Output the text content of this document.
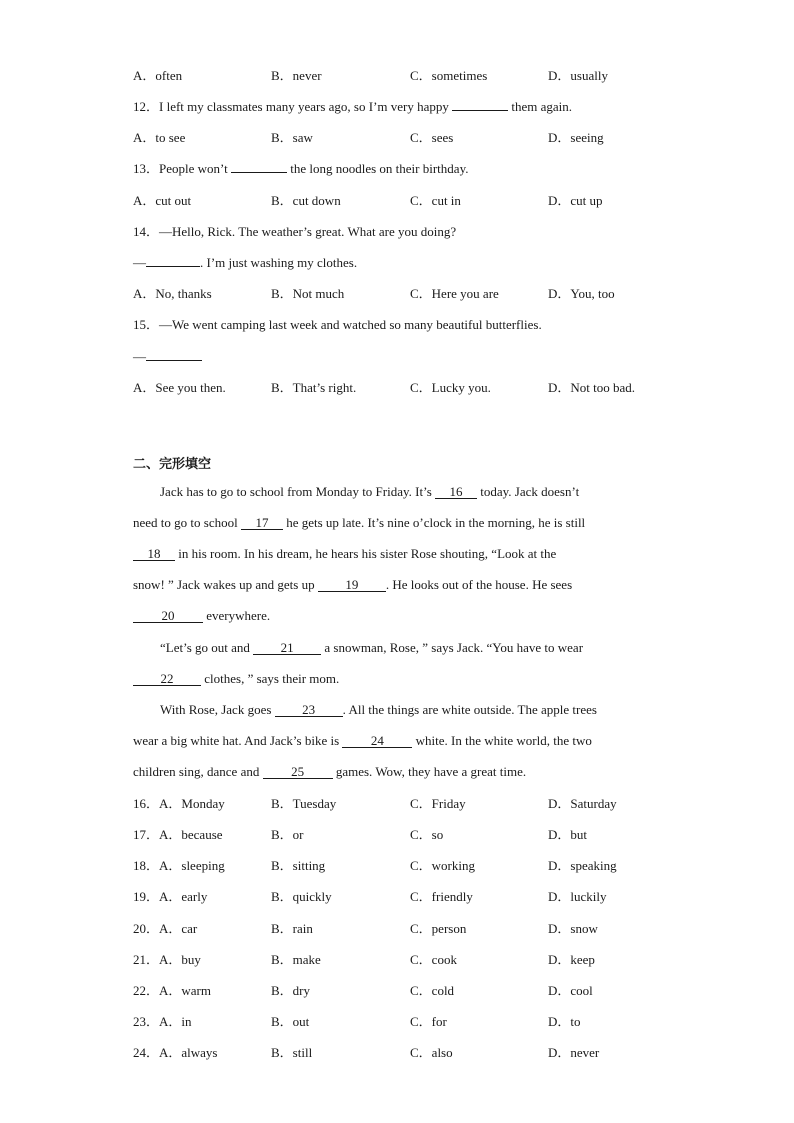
A．often	B．never	C．sometimes	D．usually
12．I left my classmates many years ago, so I’m very happy	them again.
A．to see	B．saw	C．sees	D．seeing
13．People won’t	the long noodles on their birthday.
A．cut out	B．cut down	C．cut in	D．cut up
14．—Hello, Rick. The weather’s great. What are you doing?
—	. I’m just washing my clothes.
A．No, thanks	B．Not much	C．Here you are	D．You, too
15．—We went camping last week and watched so many beautiful butterflies.
—
A．See you then.	B．That’s right.	C．Lucky you.	D．Not too bad.
二、完形填空
Jack has to go to school from Monday to Friday. It’s 16 today. Jack doesn’t
need to go to school 17 he gets up late. It’s nine o’clock in the morning, he is still
18 in his room. In his dream, he hears his sister Rose shouting, “Look at the
snow! ” Jack wakes up and gets up 19 . He looks out of the house. He sees
20 everywhere.
“Let’s go out and 21 a snowman, Rose, ” says Jack. “You have to wear
22 clothes, ” says their mom.
With Rose, Jack goes 23 . All the things are white outside. The apple trees
wear a big white hat. And Jack’s bike is 24 white. In the white world, the two
children sing, dance and 25 games. Wow, they have a great time.
16．A．Monday	B．Tuesday	C．Friday	D．Saturday
17．A．because	B．or	C．so	D．but
18．A．sleeping	B．sitting	C．working	D．speaking
19．A．early	B．quickly	C．friendly	D．luckily
20．A．car	B．rain	C．person	D．snow
21．A．buy	B．make	C．cook	D．keep
22．A．warm	B．dry	C．cold	D．cool
23．A．in	B．out	C．for	D．to
24．A．always	B．still	C．also	D．never
